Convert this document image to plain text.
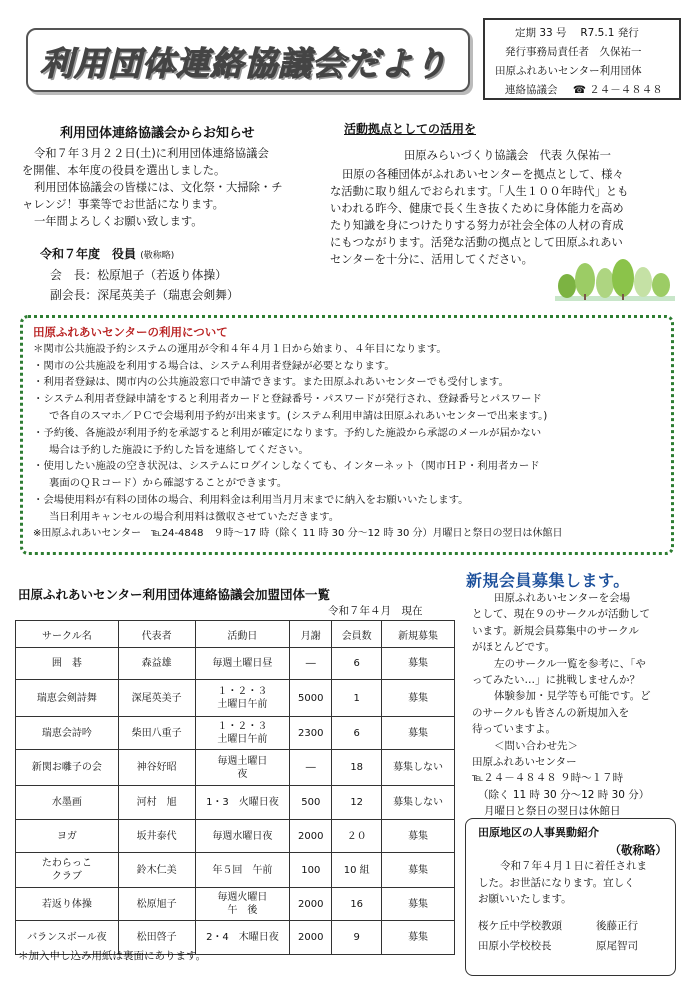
利用団体連絡協議会だより
定期 33 号　 R7.5.1 発行
発行事務局責任者　久保祐一
田原ふれあいセンター利用団体
連絡協議会 ☎ ２４－４８４８
利用団体連絡協議会からお知らせ

令和７年３月２２日(土)に利用団体連絡協議会

を開催、本年度の役員を選出しました。

利用団体協議会の皆様には、文化祭・大掃除・チ

ャレンジ！事業等でお世話になります。

一年間よろしくお願い致します。

令和７年度　役員 (敬称略)

会　長：松原旭子（若返り体操）

副会長：深尾英美子（瑞恵会剣舞）

活動拠点としての活用を
田原みらいづくり協議会　代表 久保祐一

田原の各種団体がふれあいセンターを拠点として、様々

な活動に取り組んでおられます。「人生１００年時代」とも

いわれる昨今、健康で長く生き抜くために身体能力を高め

たり知識を身につけたりする努力が社会全体の人材の育成

にもつながります。活発な活動の拠点として田原ふれあい

センターを十分に、活用してください。

田原ふれあいセンターの利用について
＊関市公共施設予約システムの運用が令和４年４月１日から始まり、４年目になります。
・関市の公共施設を利用する場合は、システム利用者登録が必要となります。
・利用者登録は、関市内の公共施設窓口で申請できます。また田原ふれあいセンターでも受付します。
・システム利用者登録申請をすると利用者カードと登録番号・パスワードが発行され、登録番号とパスワード
で各自のスマホ／ＰＣで会場利用予約が出来ます。(システム利用申請は田原ふれあいセンターで出来ます。)
・予約後、各施設が利用予約を承認すると利用が確定になります。予約した施設から承認のメールが届かない
場合は予約した施設に予約した旨を連絡してください。
・使用したい施設の空き状況は、システムにログインしなくても、インターネット（関市ＨＰ・利用者カード
裏面のＱＲコード）から確認することができます。
・会場使用料が有料の団体の場合、利用料金は利用当月月末までに納入をお願いいたします。
当日利用キャンセルの場合利用料は徴収させていただきます。
※田原ふれあいセンター　℡24-4848　９時～17 時（除く 11 時 30 分～12 時 30 分）月曜日と祭日の翌日は休館日
田原ふれあいセンター利用団体連絡協議会加盟団体一覧
令和７年４月　現在
サークル名	代表者	活動日	月謝	会員数	新規募集
囲　碁	森益雄	毎週土曜日昼	―	6	募集
瑞恵会剣詩舞	深尾英美子	１・２・３
土曜日午前	5000	1	募集
瑞恵会詩吟	柴田八重子	１・２・３
土曜日午前	2300	6	募集
新関お囃子の会	神谷好昭	毎週土曜日
夜	―	18	募集しない
水墨画	河村　旭	1・3　火曜日夜	500	12	募集しない
ヨガ	坂井泰代	毎週水曜日夜	2000	２０	募集
たわらっこ
クラブ	鈴木仁美	年５回　午前	100	10 組	募集
若返り体操	松原旭子	毎週火曜日
午　後	2000	16	募集
バランスボール夜	松田啓子	2・4　木曜日夜	2000	9	募集
＊加入申し込み用紙は裏面にあります。
新規会員募集します。
田原ふれあいセンターを会場
として、現在９のサークルが活動して
います。新規会員募集中のサークル
がほとんどです。
左のサークル一覧を参考に、「や
ってみたい…」に挑戦しませんか？
体験参加・見学等も可能です。ど
のサークルも皆さんの新規加入を
待っていますよ。
＜問い合わせ先＞
田原ふれあいセンター
℡２４－４８４８ ９時～１７時
（除く 11 時 30 分～12 時 30 分）
月曜日と祭日の翌日は休館日
田原地区の人事異動紹介
（敬称略）
令和７年４月１日に着任されま
した。お世話になります。宜しく
お願いいたします。
桜ケ丘中学校教頭	後藤正行
田原小学校校長	原尾智司
